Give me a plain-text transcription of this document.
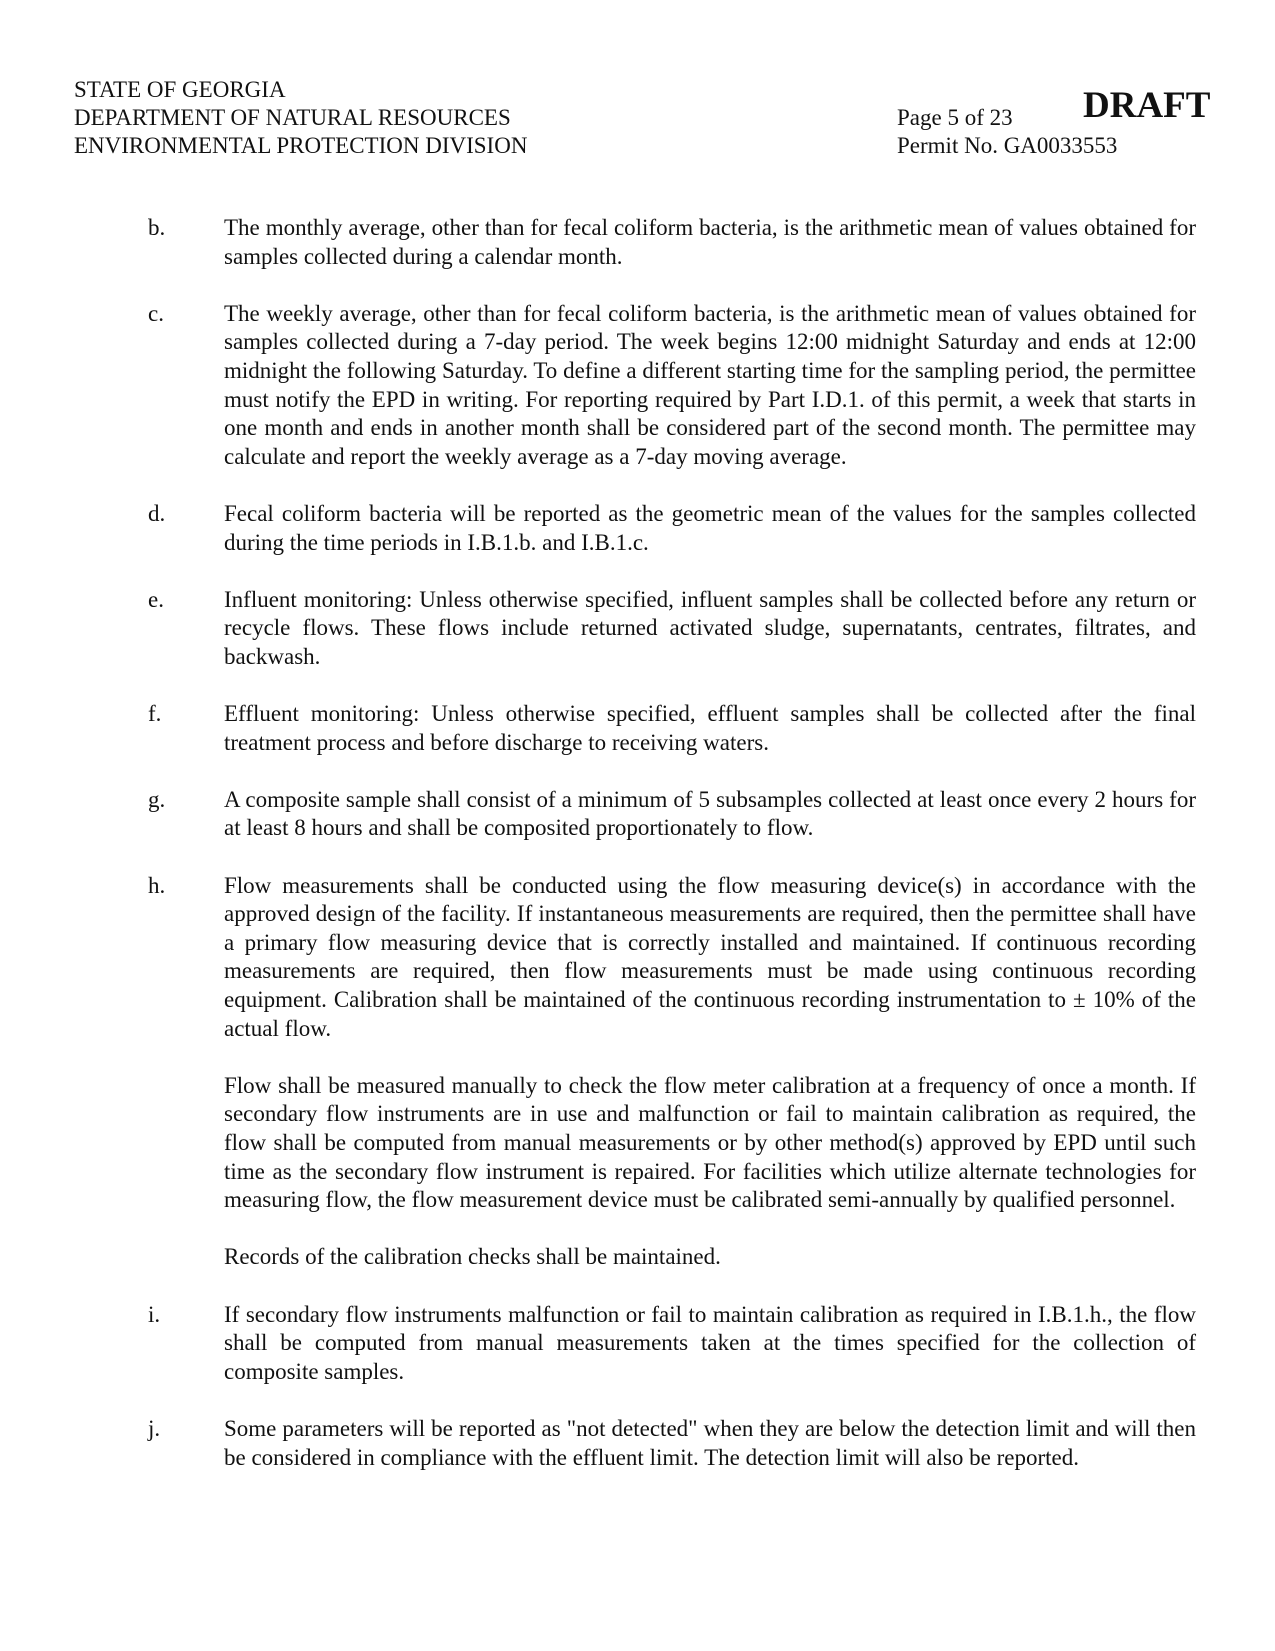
STATE OF GEORGIA
DEPARTMENT OF NATURAL RESOURCES
ENVIRONMENTAL PROTECTION DIVISION
DRAFT
Page 5 of 23
Permit No. GA0033553
b.	The monthly average, other than for fecal coliform bacteria, is the arithmetic mean of values obtained for samples collected during a calendar month.

c.	The weekly average, other than for fecal coliform bacteria, is the arithmetic mean of values obtained for samples collected during a 7-day period. The week begins 12:00 midnight Saturday and ends at 12:00 midnight the following Saturday. To define a different starting time for the sampling period, the permittee must notify the EPD in writing. For reporting required by Part I.D.1. of this permit, a week that starts in one month and ends in another month shall be considered part of the second month. The permittee may calculate and report the weekly average as a 7-day moving average.

d.	Fecal coliform bacteria will be reported as the geometric mean of the values for the samples collected during the time periods in I.B.1.b. and I.B.1.c.

e.	Influent monitoring: Unless otherwise specified, influent samples shall be collected before any return or recycle flows. These flows include returned activated sludge, supernatants, centrates, filtrates, and backwash.

f.	Effluent monitoring: Unless otherwise specified, effluent samples shall be collected after the final treatment process and before discharge to receiving waters.

g.	A composite sample shall consist of a minimum of 5 subsamples collected at least once every 2 hours for at least 8 hours and shall be composited proportionately to flow.

h.	Flow measurements shall be conducted using the flow measuring device(s) in accordance with the approved design of the facility. If instantaneous measurements are required, then the permittee shall have a primary flow measuring device that is correctly installed and maintained. If continuous recording measurements are required, then flow measurements must be made using continuous recording equipment. Calibration shall be maintained of the continuous recording instrumentation to ± 10% of the actual flow.

Flow shall be measured manually to check the flow meter calibration at a frequency of once a month. If secondary flow instruments are in use and malfunction or fail to maintain calibration as required, the flow shall be computed from manual measurements or by other method(s) approved by EPD until such time as the secondary flow instrument is repaired. For facilities which utilize alternate technologies for measuring flow, the flow measurement device must be calibrated semi-annually by qualified personnel.

Records of the calibration checks shall be maintained.

i.	If secondary flow instruments malfunction or fail to maintain calibration as required in I.B.1.h., the flow shall be computed from manual measurements taken at the times specified for the collection of composite samples.

j.	Some parameters will be reported as "not detected" when they are below the detection limit and will then be considered in compliance with the effluent limit. The detection limit will also be reported.
